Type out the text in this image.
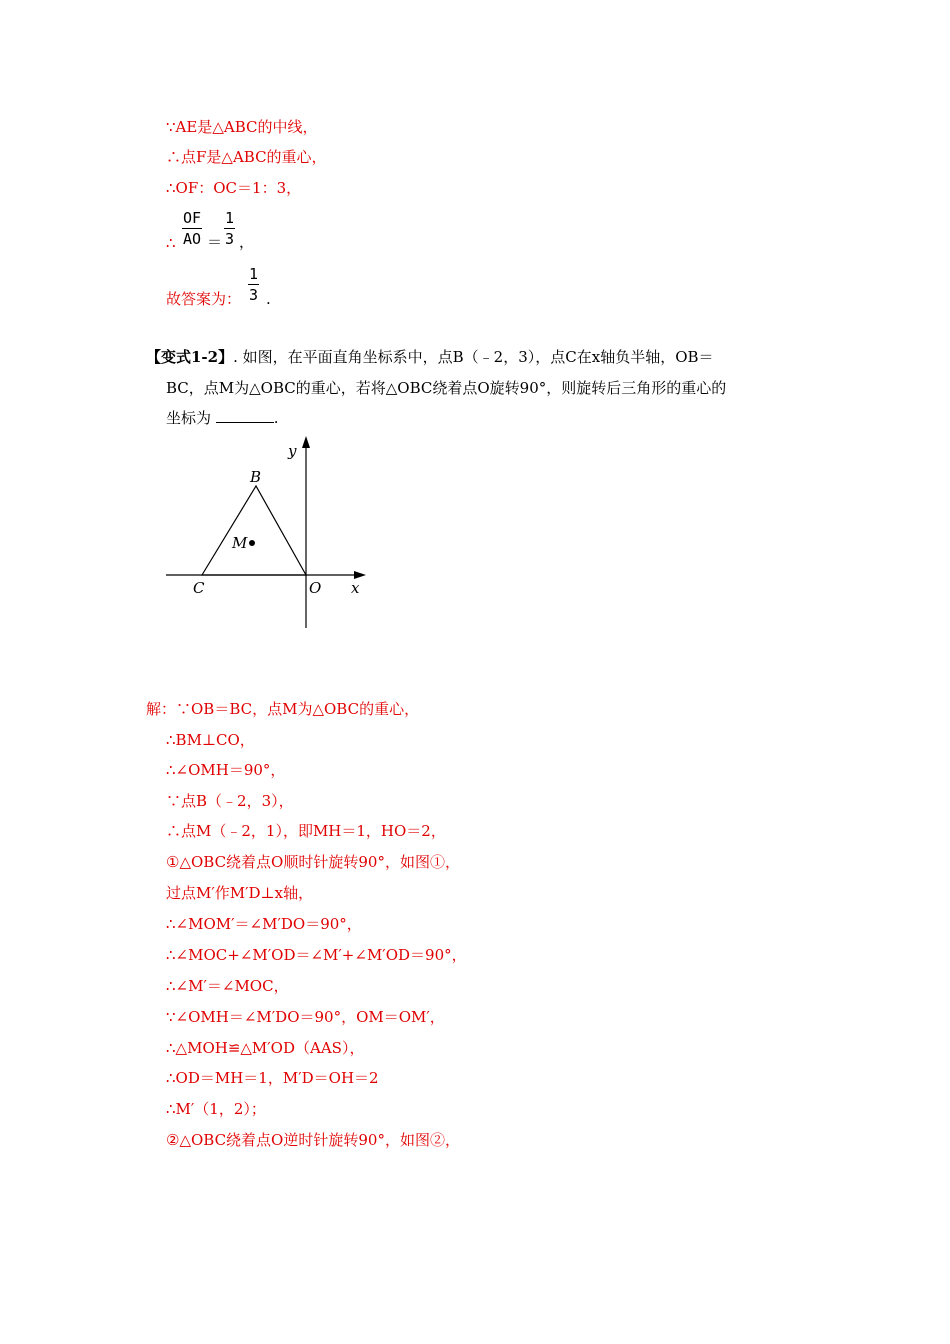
∵AE是△ABC的中线，
∴点F是△ABC的重心，
∴OF：OC＝1：3，
∴ $\frac{OF}{AO} = \frac{1}{3}$ ，
故答案为： $\frac{1}{3}$ .
【变式1-2】. 如图，在平面直角坐标系中，点B（﹣2，3），点C在x轴负半轴，OB＝
BC，点M为△OBC的重心，若将△OBC绕着点O旋转90°，则旋转后三角形的重心的
坐标为	.
y
x
B
M
C	O
解：∵OB＝BC，点M为△OBC的重心，
∴BM⊥CO，
∴∠OMH＝90°，
∵点B（﹣2，3），
∴点M（﹣2，1），即MH＝1，HO＝2，
①△OBC绕着点O顺时针旋转90°，如图①，
过点M′作M′D⊥x轴，
∴∠MOM′＝∠M′DO＝90°，
∴∠MOC+∠M′OD＝∠M′+∠M′OD＝90°，
∴∠M′＝∠MOC，
∵∠OMH＝∠M′DO＝90°，OM＝OM′，
∴△MOH≌△M′OD（AAS），
∴OD＝MH＝1，M′D＝OH＝2
∴M′（1，2）；
②△OBC绕着点O逆时针旋转90°，如图②，
